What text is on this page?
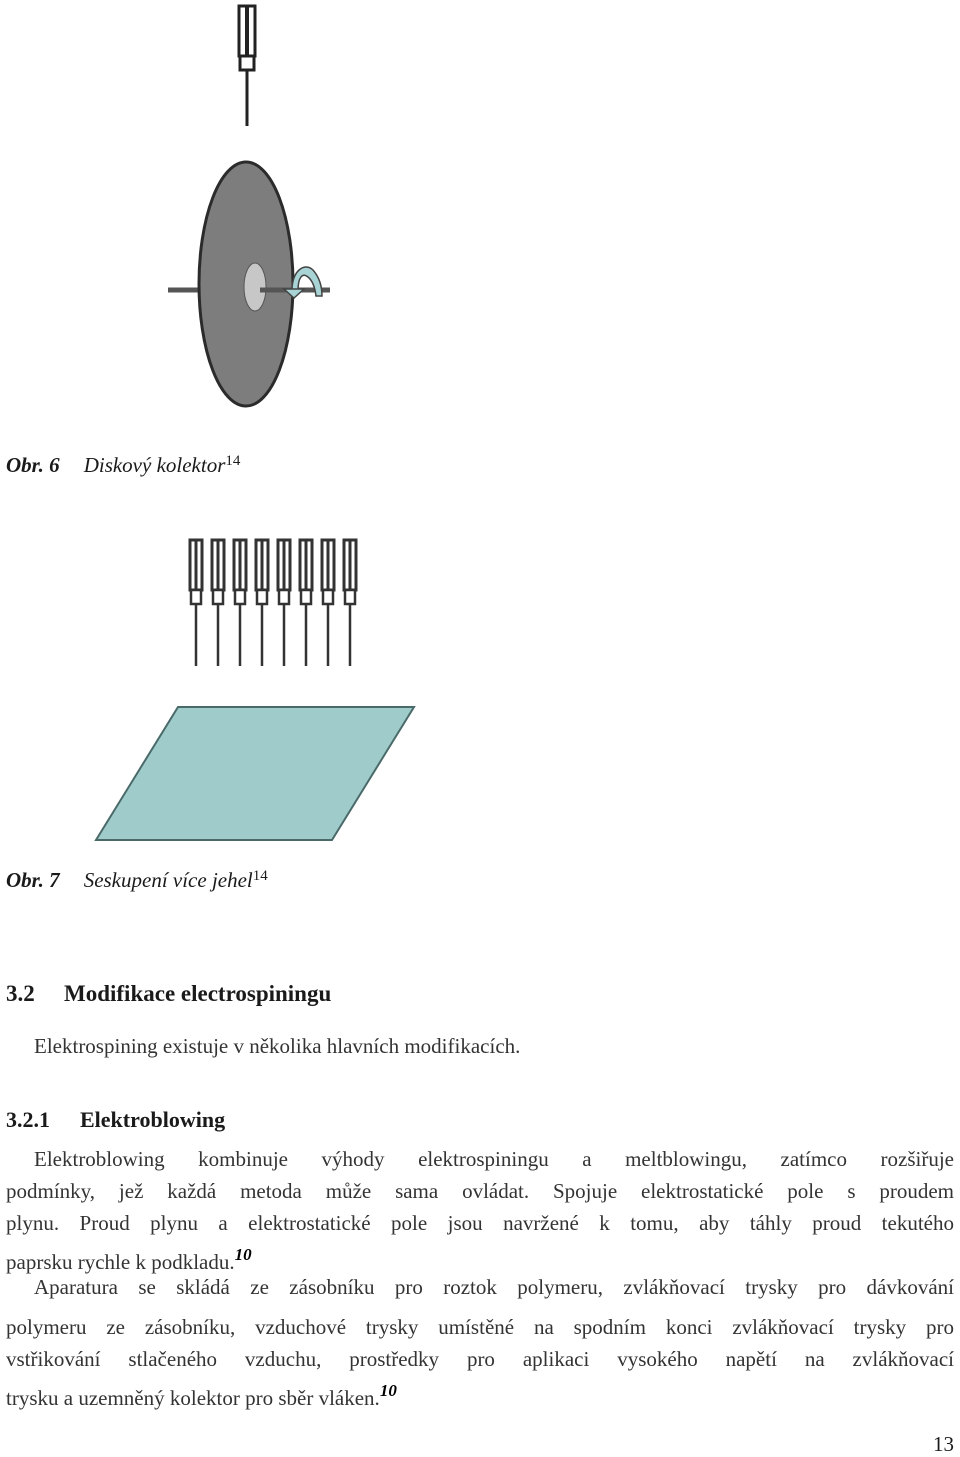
Obr. 6 Diskový kolektor$^{14}$
Obr. 7 Seskupení více jehel$^{14}$
3.2 Modifikace electrospiningu
Elektrospining existuje v několika hlavních modifikacích.
3.2.1 Elektroblowing
Elektroblowing kombinuje výhody elektrospiningu a meltblowingu, zatímco rozšiřuje
podmínky, jež každá metoda může sama ovládat. Spojuje elektrostatické pole s proudem
plynu. Proud plynu a elektrostatické pole jsou navržené k tomu, aby táhly proud tekutého
paprsku rychle k podkladu.$^{10}$
Aparatura se skládá ze zásobníku pro roztok polymeru, zvlákňovací trysky pro dávkování
polymeru ze zásobníku, vzduchové trysky umístěné na spodním konci zvlákňovací trysky pro
vstřikování stlačeného vzduchu, prostředky pro aplikaci vysokého napětí na zvlákňovací
trysku a uzemněný kolektor pro sběr vláken.$^{10}$
13
